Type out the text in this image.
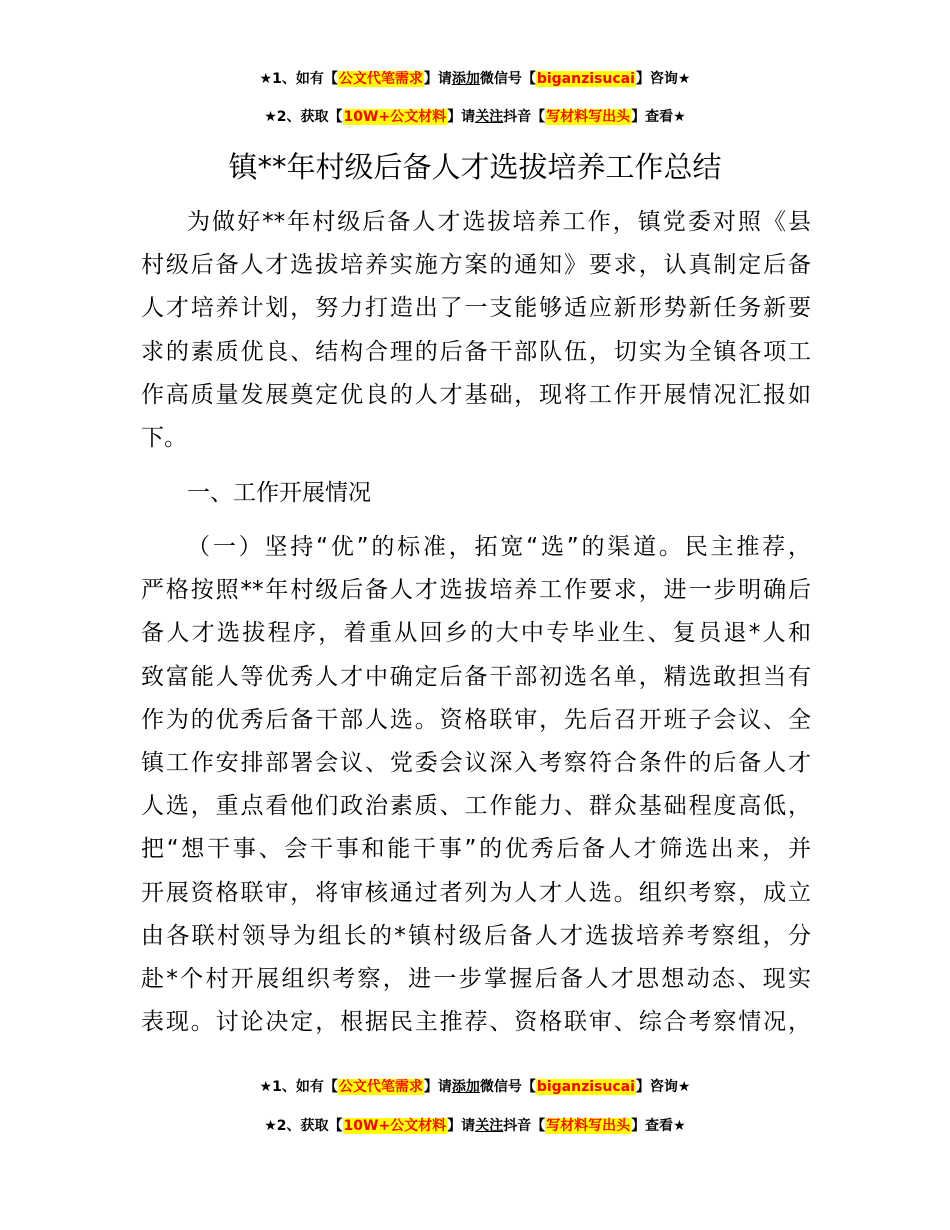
★1、如有【公文代笔需求】请添加微信号【biganzisucai】咨询★
★2、获取【10W+公文材料】请关注抖音【写材料写出头】查看★
镇**年村级后备人才选拔培养工作总结
为做好**年村级后备人才选拔培养工作，镇党委对照《县
村级后备人才选拔培养实施方案的通知》要求，认真制定后备
人才培养计划，努力打造出了一支能够适应新形势新任务新要
求的素质优良、结构合理的后备干部队伍，切实为全镇各项工
作高质量发展奠定优良的人才基础，现将工作开展情况汇报如
下。
一、工作开展情况
（一）坚持“优”的标准，拓宽“选”的渠道。民主推荐，
严格按照**年村级后备人才选拔培养工作要求，进一步明确后
备人才选拔程序，着重从回乡的大中专毕业生、复员退*人和
致富能人等优秀人才中确定后备干部初选名单，精选敢担当有
作为的优秀后备干部人选。资格联审，先后召开班子会议、全
镇工作安排部署会议、党委会议深入考察符合条件的后备人才
人选，重点看他们政治素质、工作能力、群众基础程度高低，
把“想干事、会干事和能干事”的优秀后备人才筛选出来，并
开展资格联审，将审核通过者列为人才人选。组织考察，成立
由各联村领导为组长的*镇村级后备人才选拔培养考察组，分
赴*个村开展组织考察，进一步掌握后备人才思想动态、现实
表现。讨论决定，根据民主推荐、资格联审、综合考察情况，
★1、如有【公文代笔需求】请添加微信号【biganzisucai】咨询★
★2、获取【10W+公文材料】请关注抖音【写材料写出头】查看★
